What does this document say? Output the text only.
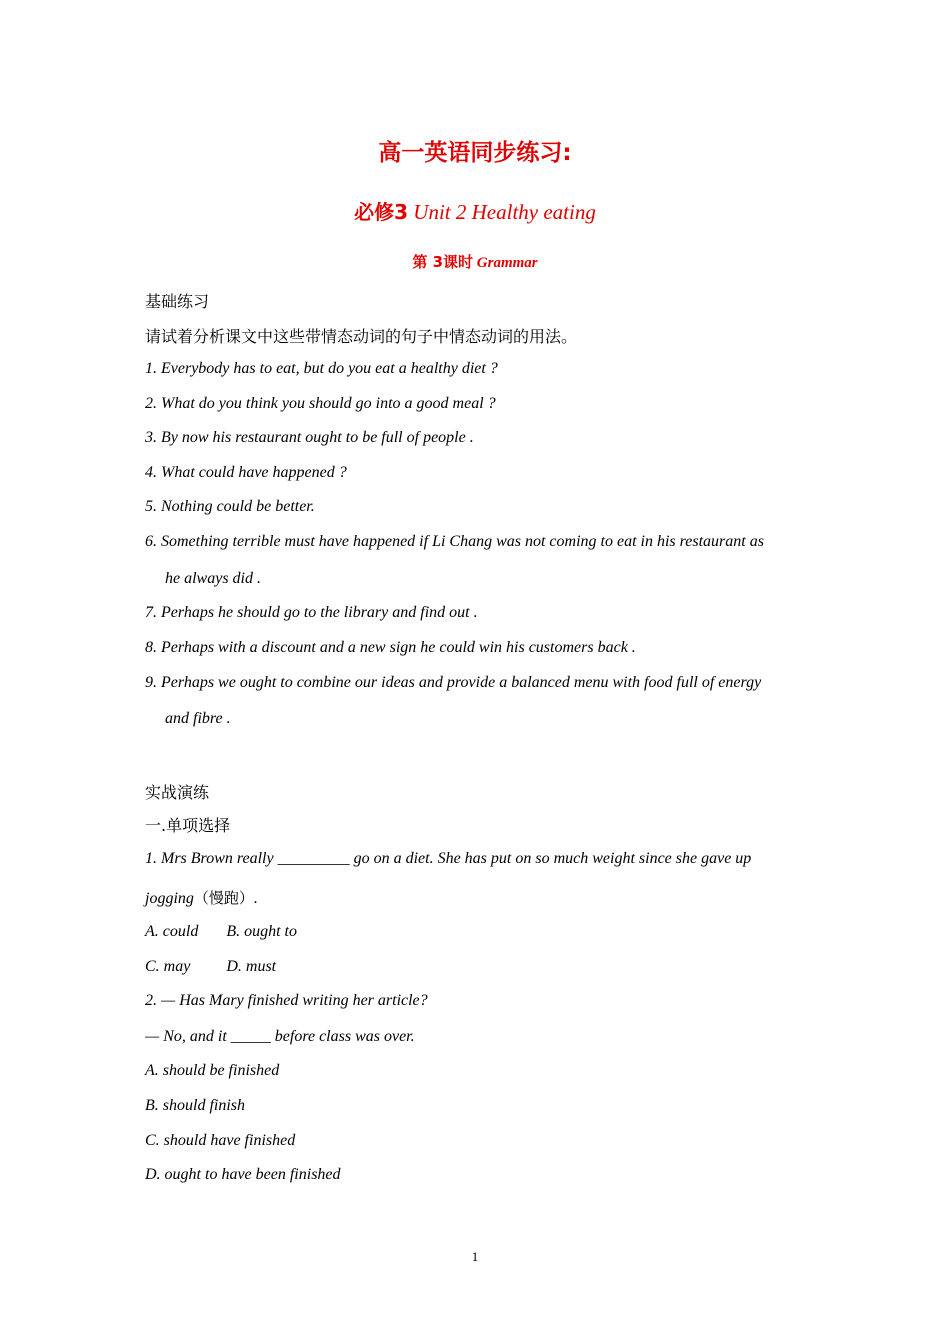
高一英语同步练习:
必修3 Unit 2 Healthy eating
第 3课时 Grammar
基础练习
请试着分析课文中这些带情态动词的句子中情态动词的用法。
1. Everybody has to eat, but do you eat a healthy diet ?
2. What do you think you should go into a good meal ?
3. By now his restaurant ought to be full of people .
4. What could have happened ?
5. Nothing could be better.
6. Something terrible must have happened if Li Chang was not coming to eat in his restaurant as
he always did .
7. Perhaps he should go to the library and find out .
8. Perhaps with a discount and a new sign he could win his customers back .
9. Perhaps we ought to combine our ideas and provide a balanced menu with food full of energy
and fibre .
实战演练
一.单项选择
1. Mrs Brown really _________ go on a diet. She has put on so much weight since she gave up
jogging（慢跑）.
A. could       B. ought to
C. may         D. must
2. — Has Mary finished writing her article?
— No, and it _____ before class was over.
A. should be finished
B. should finish
C. should have finished
D. ought to have been finished
1
